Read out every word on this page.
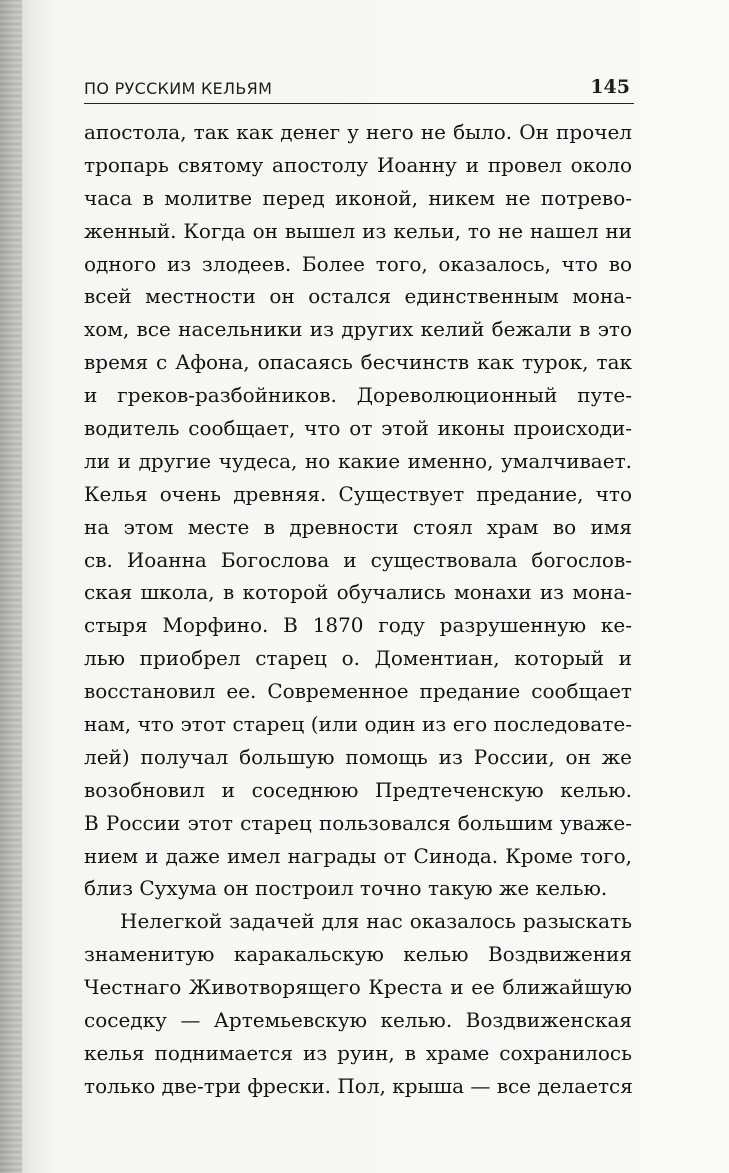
ПО РУССКИМ КЕЛЬЯМ	145
апостола, так как денег у него не было. Он прочел
тропарь святому апостолу Иоанну и провел около
часа в молитве перед иконой, никем не потрево-
женный. Когда он вышел из кельи, то не нашел ни
одного из злодеев. Более того, оказалось, что во
всей местности он остался единственным мона-
хом, все насельники из других келий бежали в это
время с Афона, опасаясь бесчинств как турок, так
и греков-разбойников. Дореволюционный путе-
водитель сообщает, что от этой иконы происходи-
ли и другие чудеса, но какие именно, умалчивает.
Келья очень древняя. Существует предание, что
на этом месте в древности стоял храм во имя
св. Иоанна Богослова и существовала богослов-
ская школа, в которой обучались монахи из мона-
стыря Морфино. В 1870 году разрушенную ке-
лью приобрел старец о. Доментиан, который и
восстановил ее. Современное предание сообщает
нам, что этот старец (или один из его последовате-
лей) получал большую помощь из России, он же
возобновил и соседнюю Предтеченскую келью.
В России этот старец пользовался большим уваже-
нием и даже имел награды от Синода. Кроме того,
близ Сухума он построил точно такую же келью.
Нелегкой задачей для нас оказалось разыскать
знаменитую каракальскую келью Воздвижения
Честнаго Животворящего Креста и ее ближайшую
соседку — Артемьевскую келью. Воздвиженская
келья поднимается из руин, в храме сохранилось
только две-три фрески. Пол, крыша — все делается
